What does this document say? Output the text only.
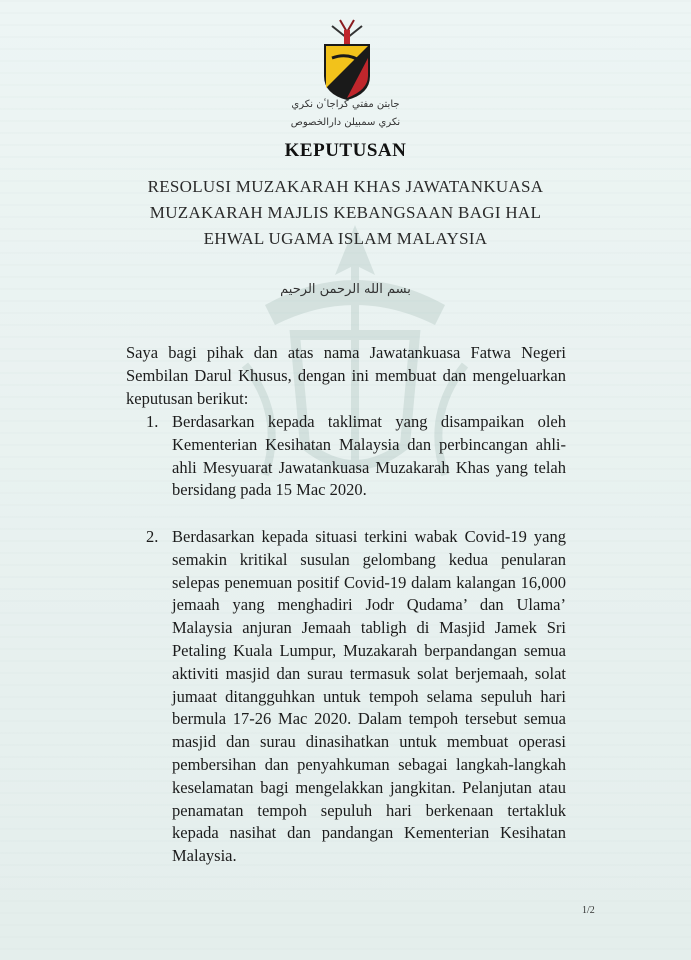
جابتن مفتي كراجاٴن نكري
نكري سمبيلن دارالخصوص
KEPUTUSAN
RESOLUSI MUZAKARAH KHAS JAWATANKUASA
MUZAKARAH MAJLIS KEBANGSAAN BAGI HAL
EHWAL UGAMA ISLAM MALAYSIA
بسم الله الرحمن الرحيم
Saya bagi pihak dan atas nama Jawatankuasa Fatwa Negeri Sembilan Darul Khusus, dengan ini membuat dan mengeluarkan keputusan berikut:
1. Berdasarkan kepada taklimat yang disampaikan oleh Kementerian Kesihatan Malaysia dan perbincangan ahli-ahli Mesyuarat Jawatankuasa Muzakarah Khas yang telah bersidang pada 15 Mac 2020.
2. Berdasarkan kepada situasi terkini wabak Covid-19 yang semakin kritikal susulan gelombang kedua penularan selepas penemuan positif Covid-19 dalam kalangan 16,000 jemaah yang menghadiri Jodr Qudama’ dan Ulama’ Malaysia anjuran Jemaah tabligh di Masjid Jamek Sri Petaling Kuala Lumpur, Muzakarah berpandangan semua aktiviti masjid dan surau termasuk solat berjemaah, solat jumaat ditangguhkan untuk tempoh selama sepuluh hari bermula 17-26 Mac 2020. Dalam tempoh tersebut semua masjid dan surau dinasihatkan untuk membuat operasi pembersihan dan penyahkuman sebagai langkah-langkah keselamatan bagi mengelakkan jangkitan. Pelanjutan atau penamatan tempoh sepuluh hari berkenaan tertakluk kepada nasihat dan pandangan Kementerian Kesihatan Malaysia.
1/2
